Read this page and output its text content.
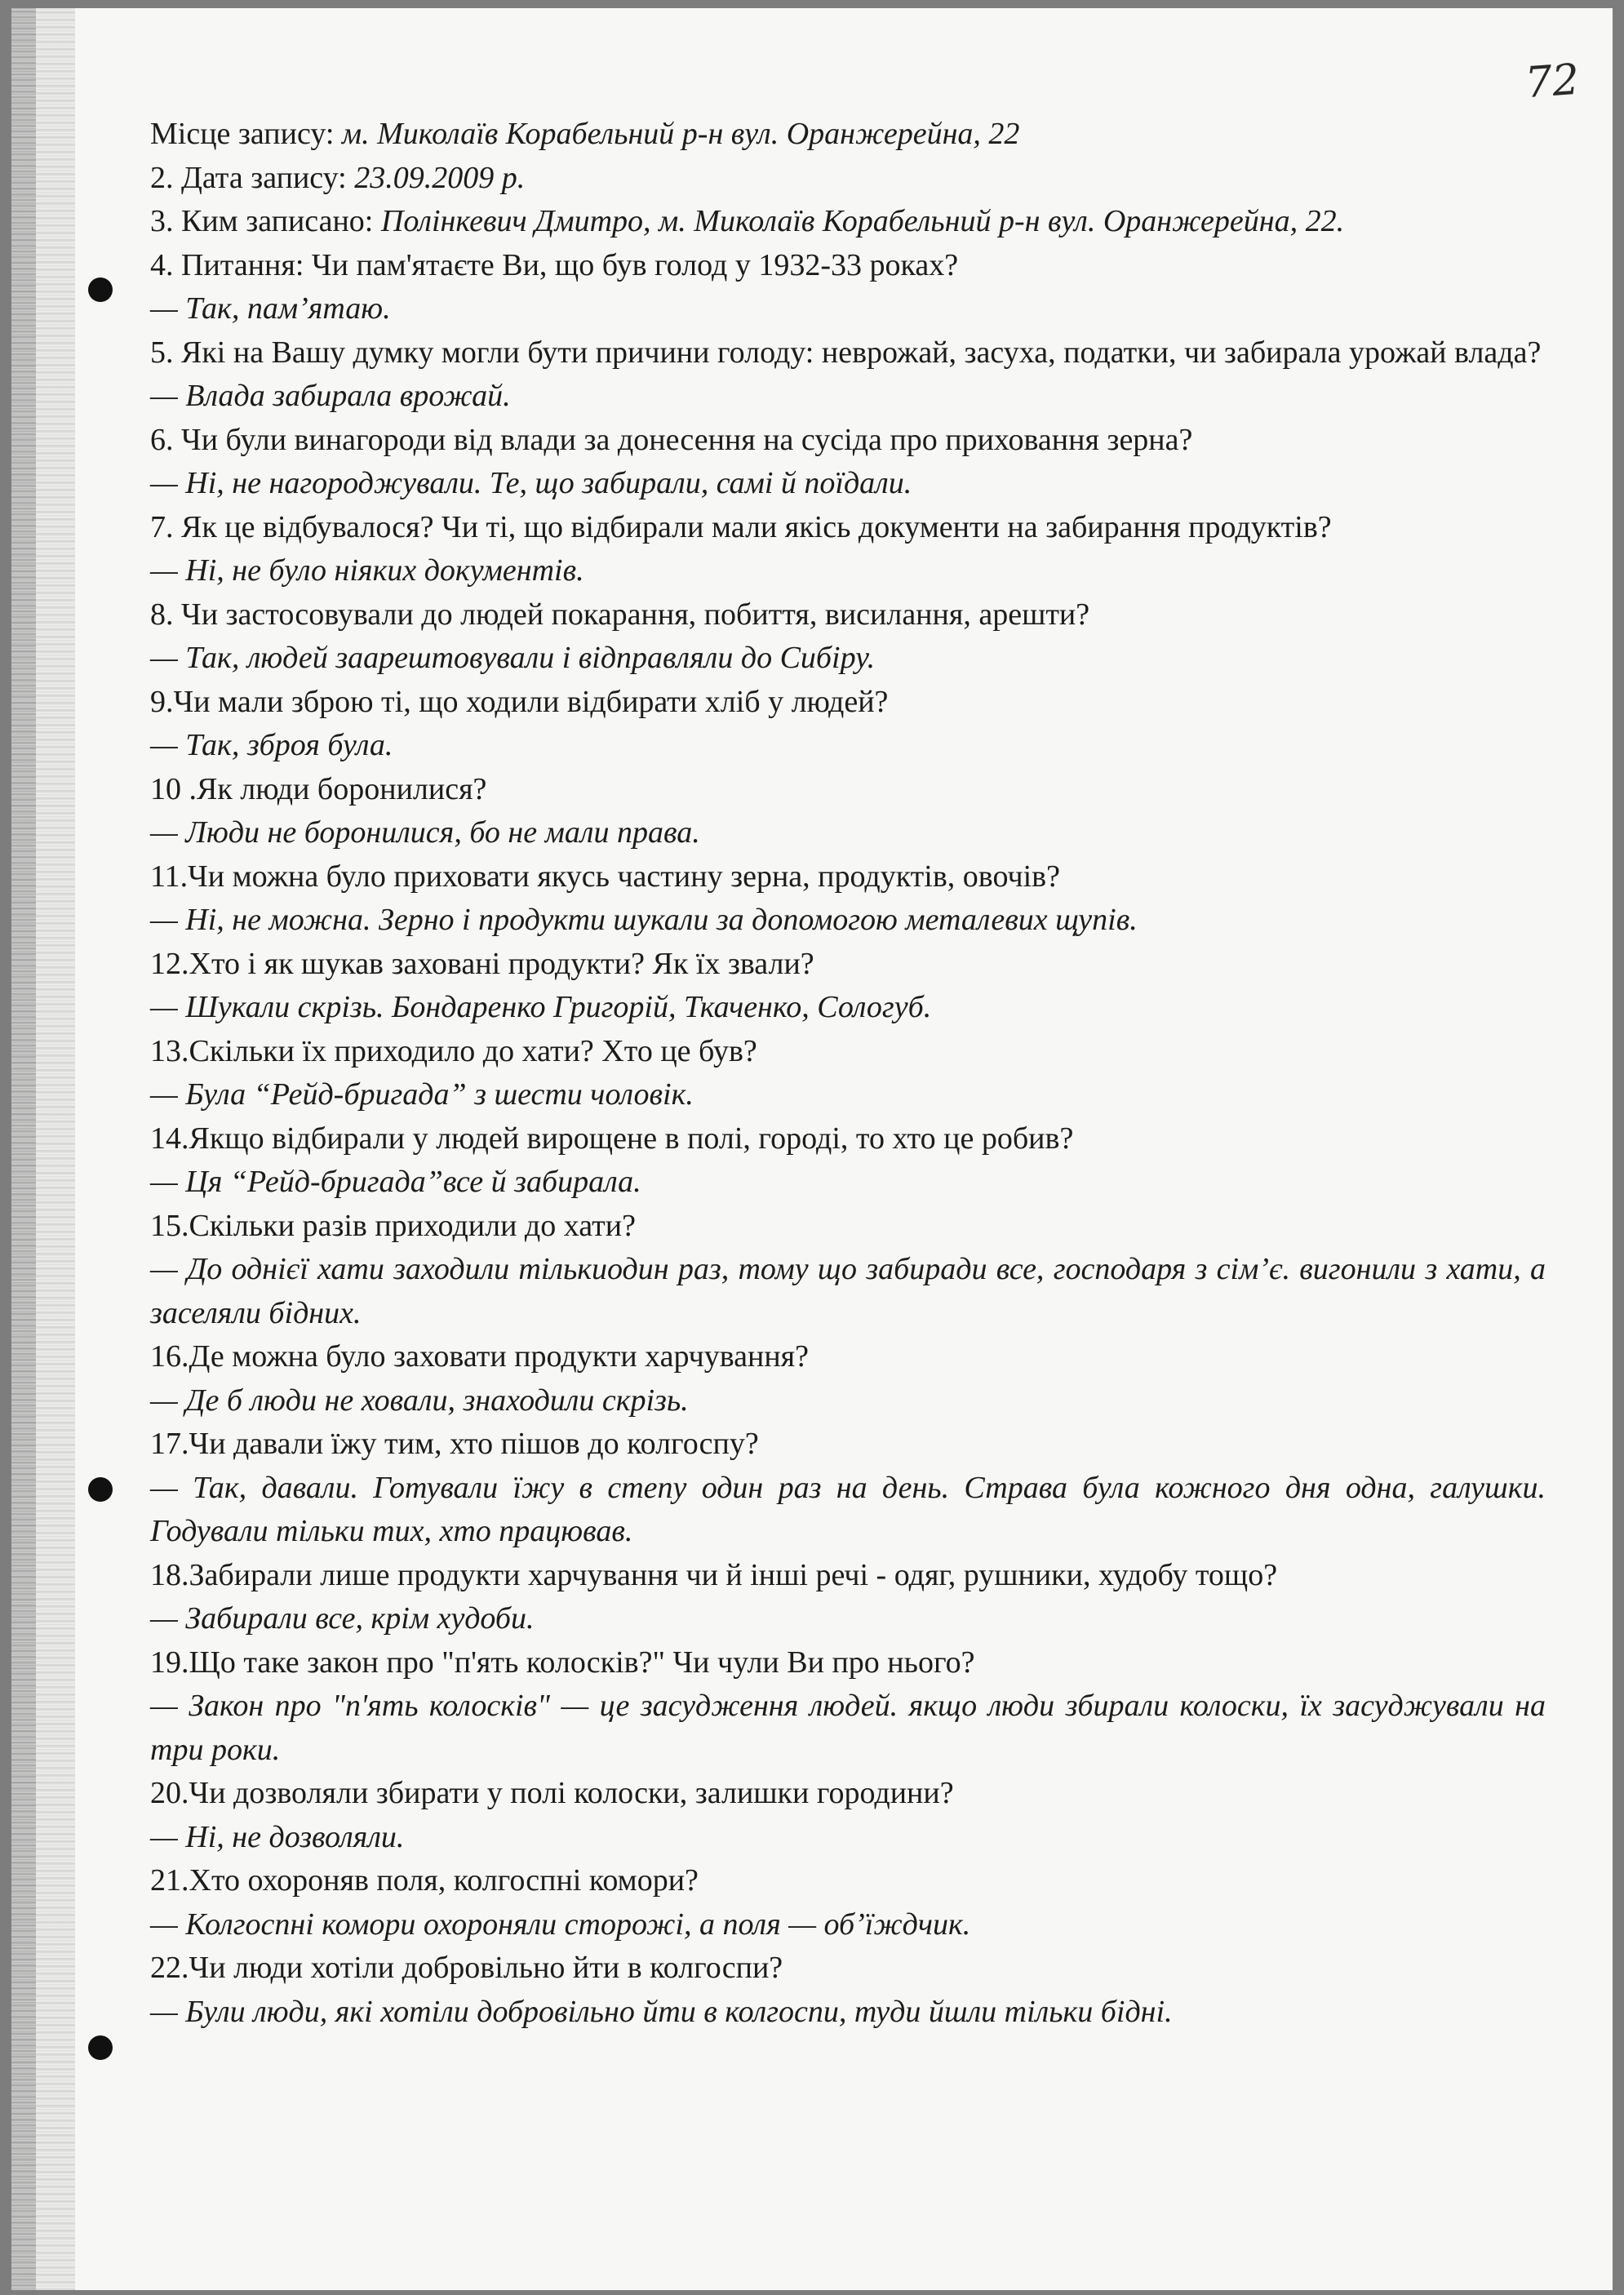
72

Місце запису: м. Миколаїв Корабельний р-н вул. Оранжерейна, 22

2. Дата запису: 23.09.2009 р.

3. Ким записано: Полінкевич Дмитро, м. Миколаїв Корабельний р-н вул. Оранжерейна, 22.

4. Питання: Чи пам'ятаєте Ви, що був голод у 1932-33 роках?

— Так, пам’ятаю.

5. Які на Вашу думку могли бути причини голоду: неврожай, засуха, податки, чи забирала урожай влада?

— Влада забирала врожай.

6. Чи були винагороди від влади за донесення на сусіда про приховання зерна?

— Ні, не нагороджували. Те, що забирали, самі й поїдали.

7. Як це відбувалося? Чи ті, що відбирали мали якісь документи на забирання продуктів?

— Ні, не було ніяких документів.

8. Чи застосовували до людей покарання, побиття, висилання, арешти?

— Так, людей заарештовували і відправляли до Сибіру.

9.Чи мали зброю ті, що ходили відбирати хліб у людей?

— Так, зброя була.

10 .Як люди боронилися?

— Люди не боронилися, бо не мали права.

11.Чи можна було приховати якусь частину зерна, продуктів, овочів?

— Ні, не можна. Зерно і продукти шукали за допомогою металевих щупів.

12.Хто і як шукав заховані продукти? Як їх звали?

— Шукали скрізь. Бондаренко Григорій, Ткаченко, Сологуб.

13.Скільки їх приходило до хати? Хто це був?

— Була “Рейд-бригада” з шести чоловік.

14.Якщо відбирали у людей вирощене в полі, городі, то хто це робив?

— Ця “Рейд-бригада”все й забирала.

15.Скільки разів приходили до хати?

— До однієї хати заходили тількиодин раз, тому що забиради все, господаря з сім’є. вигонили з хати, а заселяли бідних.

16.Де можна було заховати продукти харчування?

— Де б люди не ховали, знаходили скрізь.

17.Чи давали їжу тим, хто пішов до колгоспу?

— Так, давали. Готували їжу в степу один раз на день. Страва була кожного дня одна, галушки. Годували тільки тих, хто працював.

18.Забирали лише продукти харчування чи й інші речі - одяг, рушники, худобу тощо?

— Забирали все, крім худоби.

19.Що таке закон про "п'ять колосків?" Чи чули Ви про нього?

— Закон про "п'ять колосків" — це засудження людей. якщо люди збирали колоски, їх засуджували на три роки.

20.Чи дозволяли збирати у полі колоски, залишки городини?

— Ні, не дозволяли.

21.Хто охороняв поля, колгоспні комори?

— Колгоспні комори охороняли сторожі, а поля — об’їждчик.

22.Чи люди хотіли добровільно йти в колгоспи?

— Були люди, які хотіли добровільно йти в колгоспи, туди йшли тільки бідні.
